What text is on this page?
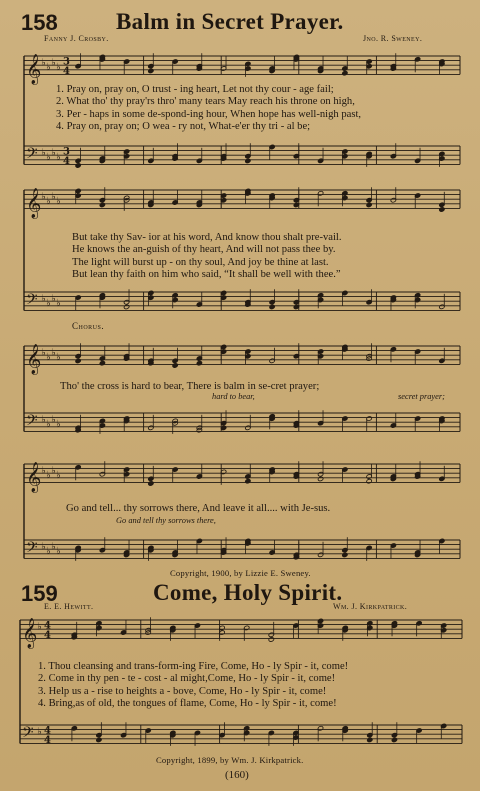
𝄞 ♭ ♭ ♭ ♭ 3
4
𝄢 ♭ ♭ ♭ ♭ 3
4
𝄞 ♭ ♭ ♭ ♭
𝄢 ♭ ♭ ♭ ♭
𝄞 ♭ ♭ ♭ ♭
𝄢 ♭ ♭ ♭ ♭
𝄞 ♭ ♭ ♭ ♭
𝄢 ♭ ♭ ♭ ♭
𝄞 ♭ 4
4
𝄢 ♭ 4
4
158	Balm in Secret Prayer.
Fanny J. Crosby.	Jno. R. Sweney.
1. Pray on, pray on, O trust - ing heart, Let not thy cour - age fail;
2. What tho' thy pray'rs thro' many tears May reach his throne on high,
3. Per - haps in some de-spond-ing hour, When hope has well-nigh past,
4. Pray on, pray on; O wea - ry not, What-e'er thy tri - al be;
But take thy Sav- ior at his word, And know thou shalt pre-vail.
He knows the an-guish of thy heart, And will not pass thee by.
The light will burst up - on thy soul, And joy be thine at last.
But lean thy faith on him who said, “It shall be well with thee.”
Chorus.
Tho' the cross is hard to bear, There is balm in se-cret prayer;
hard to bear,	secret prayer;
Go and tell... thy sorrows there, And leave it all.... with Je-sus.
Go and tell thy sorrows there,
Copyright, 1900, by Lizzie E. Sweney.
159	Come, Holy Spirit.
E. E. Hewitt.	Wm. J. Kirkpatrick.
1. Thou cleansing and trans-form-ing Fire, Come, Ho - ly Spir - it, come!
2. Come in thy pen - te - cost - al might,Come, Ho - ly Spir - it, come!
3. Help us a - rise to heights a - bove, Come, Ho - ly Spir - it, come!
4. Bring,as of old, the tongues of flame, Come, Ho - ly Spir - it, come!
Copyright, 1899, by Wm. J. Kirkpatrick.
(160)
